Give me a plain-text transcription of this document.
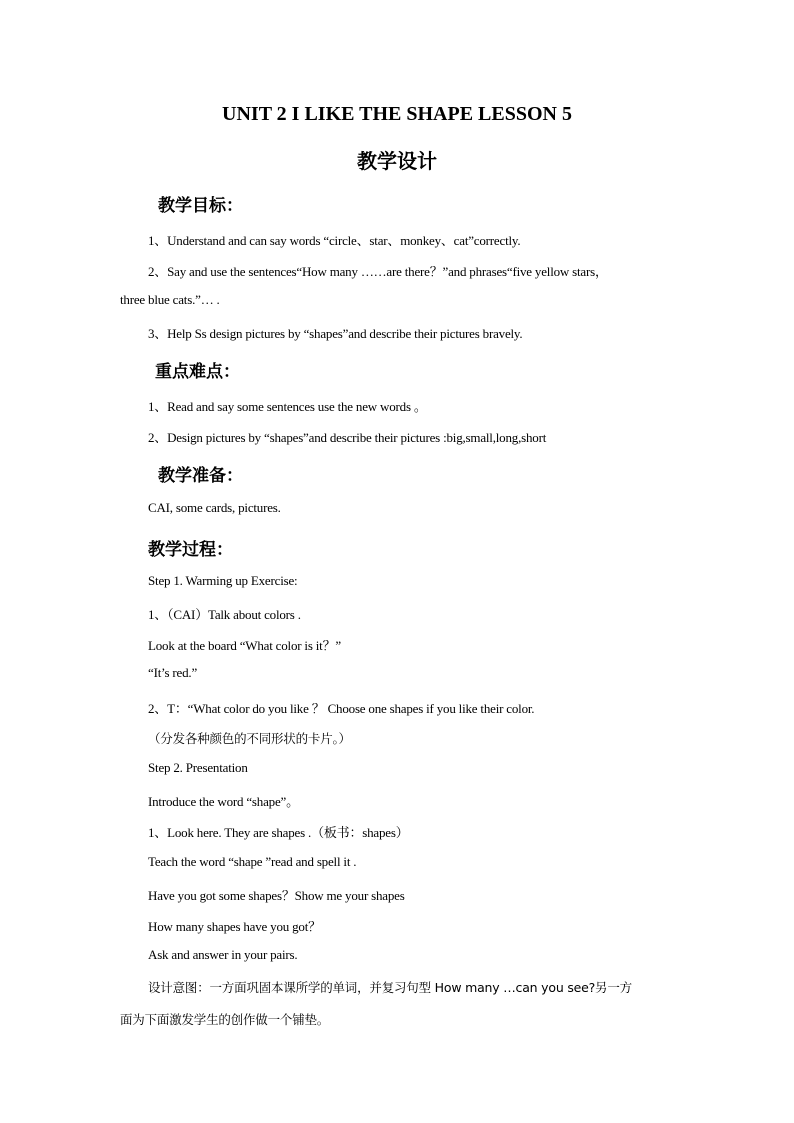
UNIT 2 I LIKE THE SHAPE LESSON 5
教学设计
教学目标：
1、Understand and can say words “circle、star、monkey、cat”correctly.
2、Say and use the sentences“How many ……are there？”and phrases“five yellow stars，
three blue cats.”… .
3、Help Ss design pictures by “shapes”and describe their pictures bravely.
重点难点：
1、Read and say some sentences use the new words 。
2、Design pictures by “shapes”and describe their pictures :big,small,long,short
教学准备：
CAI, some cards, pictures.
教学过程：
Step 1. Warming up Exercise:
1、（CAI）Talk about colors .
Look at the board “What color is it？”
“It’s red.”
2、T：“What color do you like ？ Choose one shapes if you like their color.
（分发各种颜色的不同形状的卡片。）
Step 2. Presentation
Introduce the word “shape”。
1、Look here. They are shapes .（板书：shapes）
Teach the word “shape ”read and spell it .
Have you got some shapes？Show me your shapes
How many shapes have you got？
Ask and answer in your pairs.
设计意图：一方面巩固本课所学的单词，并复习句型 How many …can you see?另一方
面为下面激发学生的创作做一个铺垫。
